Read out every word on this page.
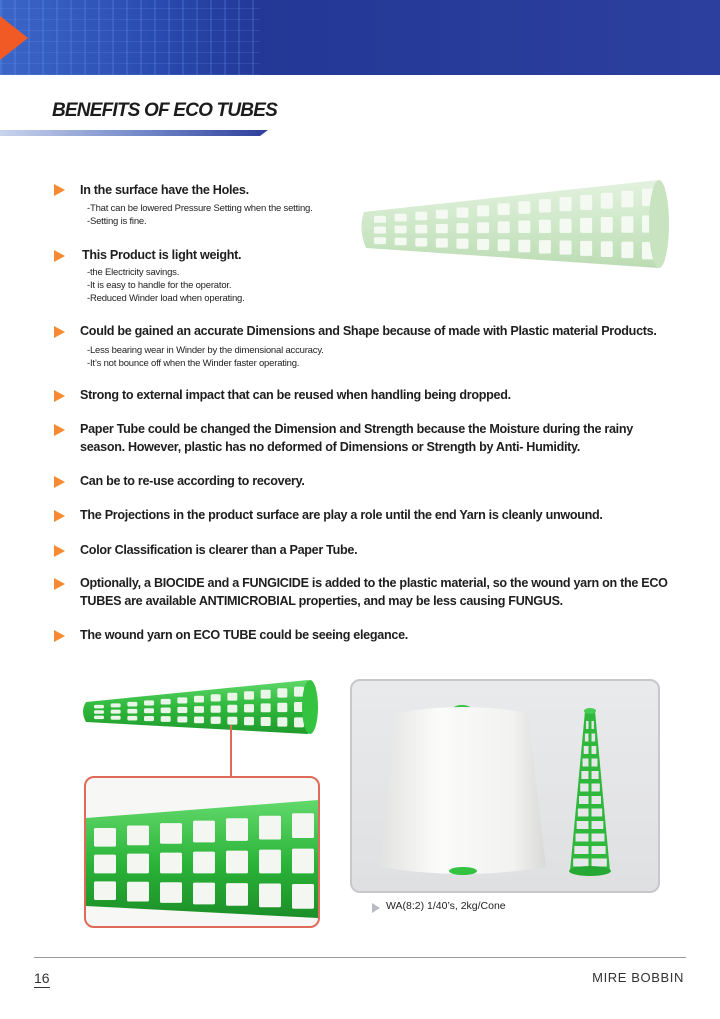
BENEFITS OF ECO TUBES
In the surface have the Holes.
-That can be lowered Pressure Setting when the setting.
-Setting is fine.
This Product is light weight.
-the Electricity savings.
-It is easy to handle for the operator.
-Reduced Winder load when operating.
Could be gained an accurate Dimensions and Shape because of made with Plastic material Products.
-Less bearing wear in Winder by the dimensional accuracy.
-It’s not bounce off when the Winder faster operating.
Strong to external impact that can be reused when handling being dropped.
Paper Tube could be changed the Dimension and Strength because the Moisture during the rainy season. However, plastic has no deformed of Dimensions or Strength by Anti- Humidity.
Can be to re-use according to recovery.
The Projections in the product surface are play a role until the end Yarn is cleanly unwound.
Color Classification is clearer than a Paper Tube.
Optionally, a BIOCIDE and a FUNGICIDE is added to the plastic material, so the wound yarn on the ECO TUBES are available ANTIMICROBIAL properties, and may be less causing FUNGUS.
The wound yarn on ECO TUBE could be seeing elegance.
WA(8:2) 1/40’s, 2kg/Cone
16	MIRE BOBBIN
